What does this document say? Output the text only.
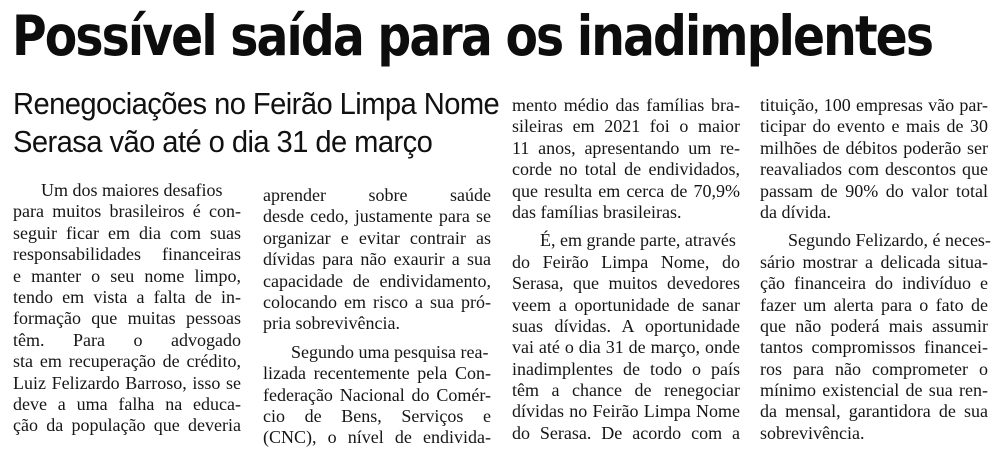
Possível saída para os inadimplentes
Renegociações no Feirão Limpa Nome
Serasa vão até o dia 31 de março
Um dos maiores desafios
para muitos brasileiros é con-
seguir ficar em dia com suas
responsabilidades financeiras
e manter o seu nome limpo,
tendo em vista a falta de in-
formação que muitas pessoas
têm. Para o advogado
sta em recuperação de crédito,
Luiz Felizardo Barroso, isso se
deve a uma falha na educa-
ção da população que deveria
aprender sobre saúde
desde cedo, justamente para se
organizar e evitar contrair as
dívidas para não exaurir a sua
capacidade de endividamento,
colocando em risco a sua pró-
pria sobrevivência.
Segundo uma pesquisa rea-
lizada recentemente pela Con-
federação Nacional do Comér-
cio de Bens, Serviços e
(CNC), o nível de endivida-
mento médio das famílias bra-
sileiras em 2021 foi o maior
11 anos, apresentando um re-
corde no total de endividados,
que resulta em cerca de 70,9%
das famílias brasileiras.
É, em grande parte, através
do Feirão Limpa Nome, do
Serasa, que muitos devedores
veem a oportunidade de sanar
suas dívidas. A oportunidade
vai até o dia 31 de março, onde
inadimplentes de todo o país
têm a chance de renegociar
dívidas no Feirão Limpa Nome
do Serasa. De acordo com a
tituição, 100 empresas vão par-
ticipar do evento e mais de 30
milhões de débitos poderão ser
reavaliados com descontos que
passam de 90% do valor total
da dívida.
Segundo Felizardo, é neces-
sário mostrar a delicada situa-
ção financeira do indivíduo e
fazer um alerta para o fato de
que não poderá mais assumir
tantos compromissos financei-
ros para não comprometer o
mínimo existencial de sua ren-
da mensal, garantidora de sua
sobrevivência.
